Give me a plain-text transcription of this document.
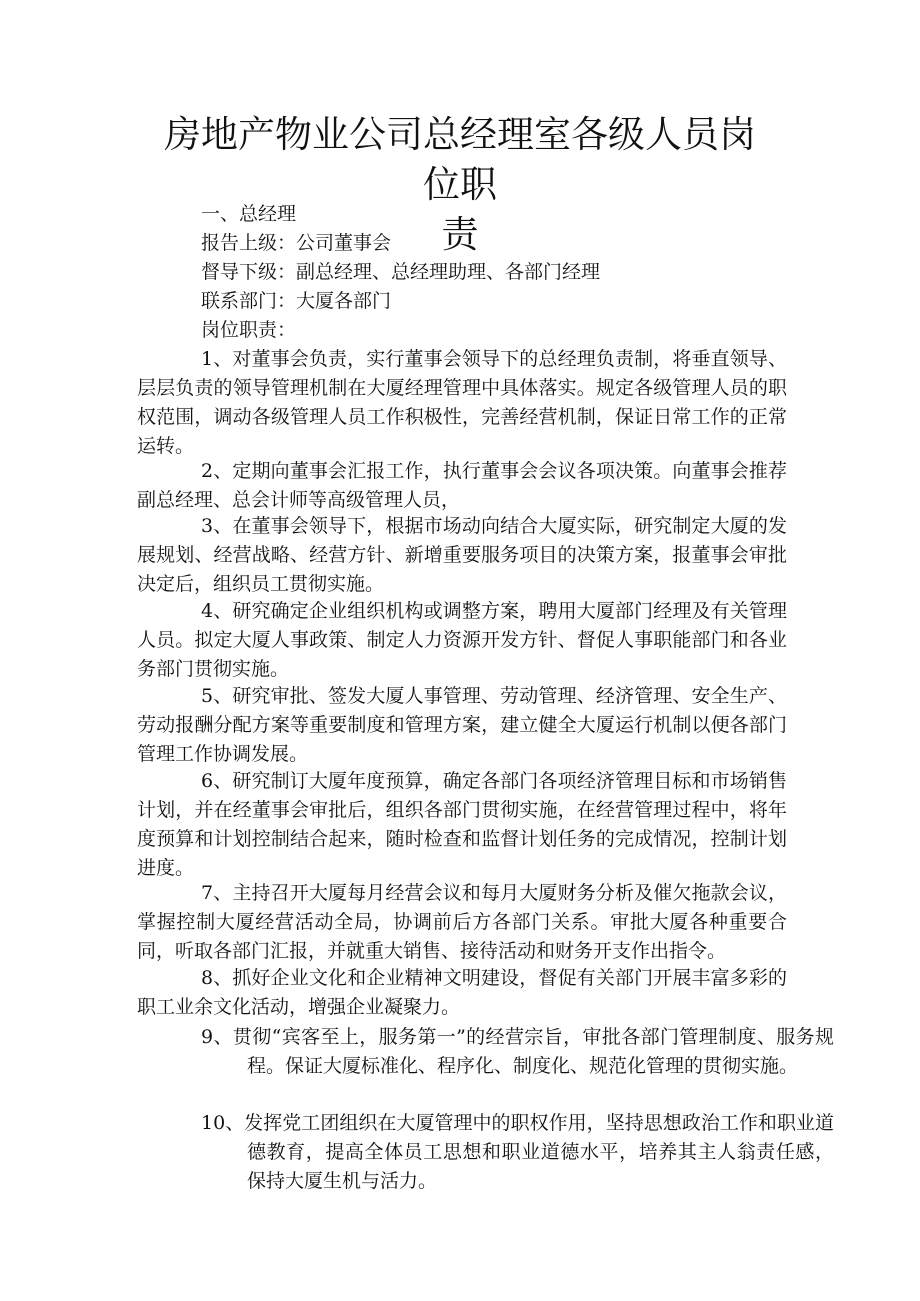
房地产物业公司总经理室各级人员岗位职
责
一、总经理
报告上级：公司董事会
督导下级：副总经理、总经理助理、各部门经理
联系部门：大厦各部门
岗位职责：

1、对董事会负责，实行董事会领导下的总经理负责制，将垂直领导、层层负责的领导管理机制在大厦经理管理中具体落实。规定各级管理人员的职权范围，调动各级管理人员工作积极性，完善经营机制，保证日常工作的正常运转。

2、定期向董事会汇报工作，执行董事会会议各项决策。向董事会推荐副总经理、总会计师等高级管理人员，

3、在董事会领导下，根据市场动向结合大厦实际，研究制定大厦的发展规划、经营战略、经营方针、新增重要服务项目的决策方案，报董事会审批决定后，组织员工贯彻实施。

4、研究确定企业组织机构或调整方案，聘用大厦部门经理及有关管理人员。拟定大厦人事政策、制定人力资源开发方针、督促人事职能部门和各业务部门贯彻实施。

5、研究审批、签发大厦人事管理、劳动管理、经济管理、安全生产、劳动报酬分配方案等重要制度和管理方案，建立健全大厦运行机制以便各部门管理工作协调发展。

6、研究制订大厦年度预算，确定各部门各项经济管理目标和市场销售计划，并在经董事会审批后，组织各部门贯彻实施，在经营管理过程中，将年度预算和计划控制结合起来，随时检查和监督计划任务的完成情况，控制计划进度。

7、主持召开大厦每月经营会议和每月大厦财务分析及催欠拖款会议，掌握控制大厦经营活动全局，协调前后方各部门关系。审批大厦各种重要合同，听取各部门汇报，并就重大销售、接待活动和财务开支作出指令。

8、抓好企业文化和企业精神文明建设，督促有关部门开展丰富多彩的职工业余文化活动，增强企业凝聚力。

9、贯彻“宾客至上，服务第一”的经营宗旨，审批各部门管理制度、服务规程。保证大厦标准化、程序化、制度化、规范化管理的贯彻实施。

10、发挥党工团组织在大厦管理中的职权作用，坚持思想政治工作和职业道德教育，提高全体员工思想和职业道德水平，培养其主人翁责任感，保持大厦生机与活力。
